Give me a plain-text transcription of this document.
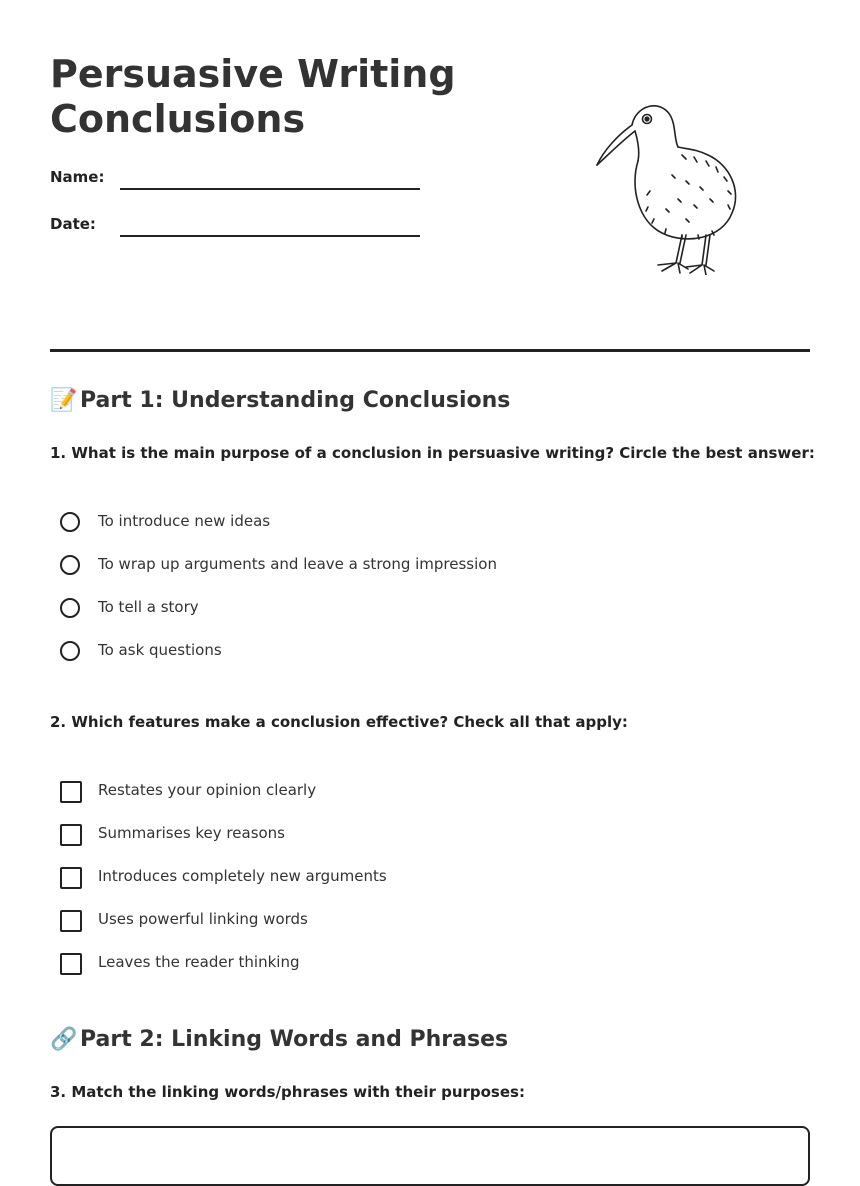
Persuasive Writing
Conclusions
Name:
Date:
📝 Part 1: Understanding Conclusions

1. What is the main purpose of a conclusion in persuasive writing? Circle the best answer:

To introduce new ideas
To wrap up arguments and leave a strong impression
To tell a story
To ask questions

2. Which features make a conclusion effective? Check all that apply:

Restates your opinion clearly
Summarises key reasons
Introduces completely new arguments
Uses powerful linking words
Leaves the reader thinking
🔗 Part 2: Linking Words and Phrases

3. Match the linking words/phrases with their purposes:
